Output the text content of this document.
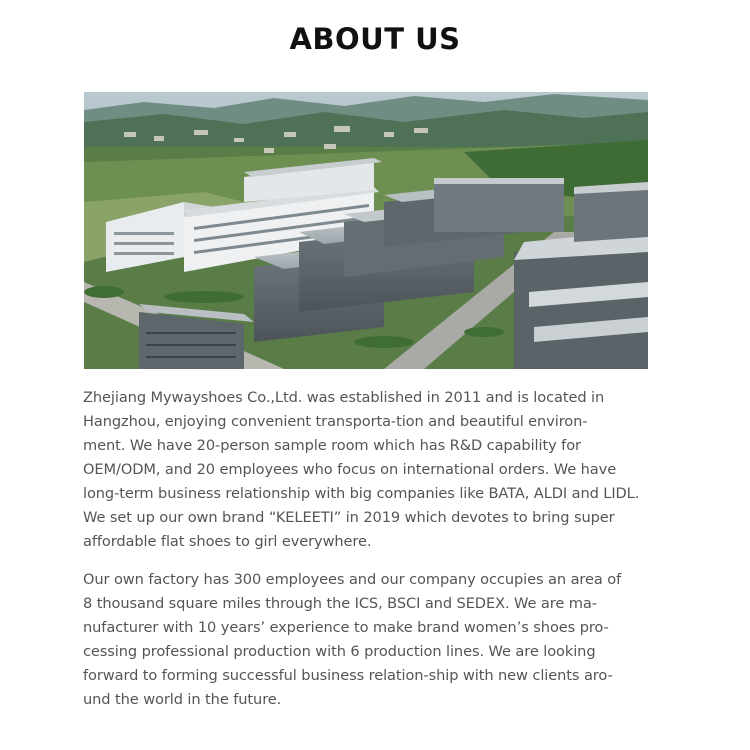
ABOUT US

Zhejiang Mywayshoes Co.,Ltd. was established in 2011 and is located in
Hangzhou, enjoying convenient transporta-tion and beautiful environ-
ment. We have 20-person sample room which has R&D capability for
OEM/ODM, and 20 employees who focus on international orders. We have
long-term business relationship with big companies like BATA, ALDI and LIDL.
We set up our own brand “KELEETI” in 2019 which devotes to bring super
affordable flat shoes to girl everywhere.

Our own factory has 300 employees and our company occupies an area of
8 thousand square miles through the ICS, BSCI and SEDEX. We are ma-
nufacturer with 10 years’ experience to make brand women’s shoes pro-
cessing professional production with 6 production lines. We are looking
forward to forming successful business relation-ship with new clients aro-
und the world in the future.
